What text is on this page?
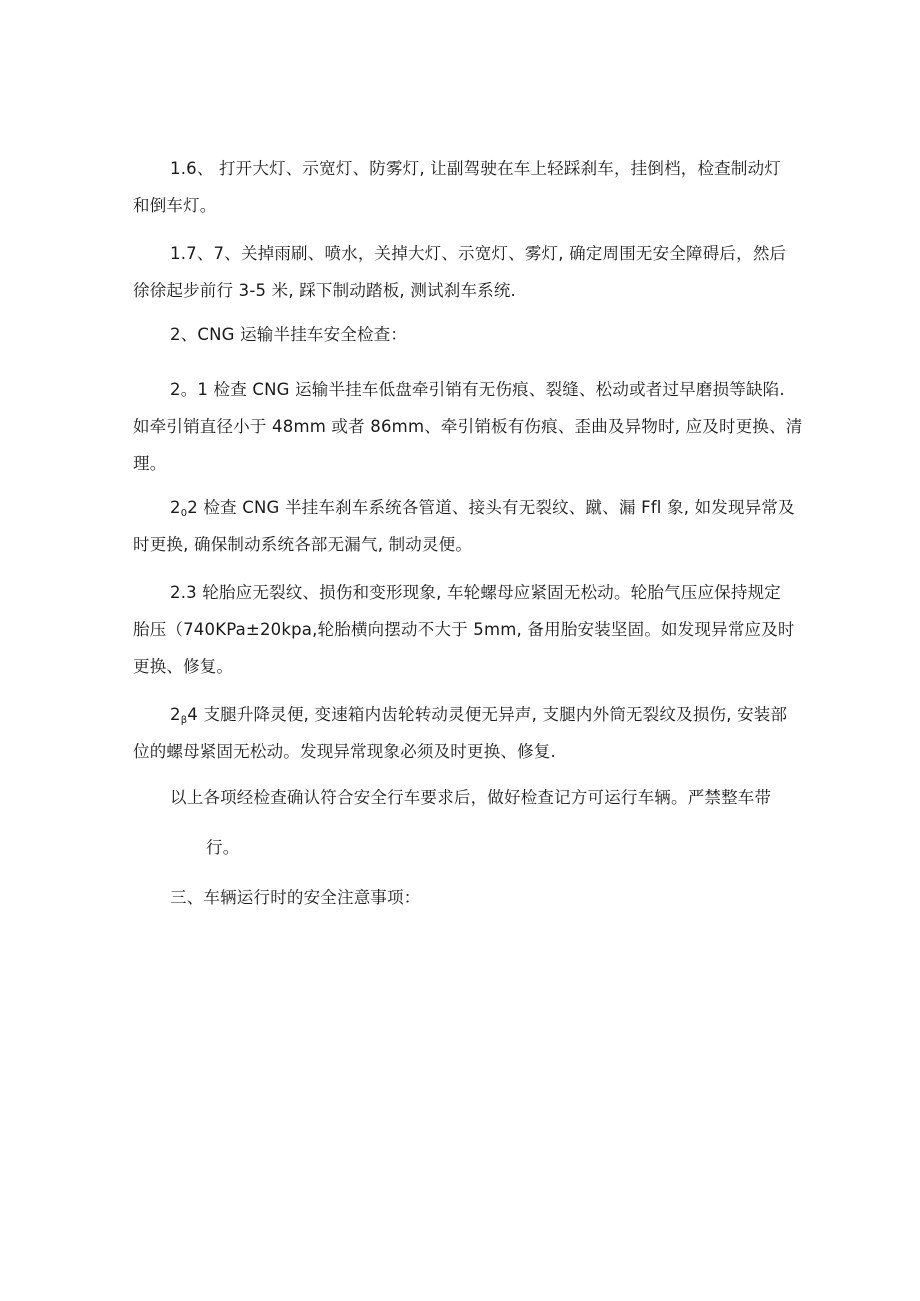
1.6、 打开大灯、示宽灯、防雾灯, 让副驾驶在车上轻踩刹车，挂倒档，检查制动灯
和倒车灯。
1.7、7、关掉雨刷、喷水，关掉大灯、示宽灯、雾灯, 确定周围无安全障碍后，然后
徐徐起步前行 3-5 米, 踩下制动踏板, 测试刹车系统.
2、CNG 运输半挂车安全检查：
2。1 检查 CNG 运输半挂车低盘牵引销有无伤痕、裂缝、松动或者过早磨损等缺陷.
如牵引销直径小于 48mm 或者 86mm、牵引销板有伤痕、歪曲及异物时, 应及时更换、清
理。
$2_02$ 检查 CNG 半挂车刹车系统各管道、接头有无裂纹、蹴、漏 Ffl 象, 如发现异常及
时更换, 确保制动系统各部无漏气, 制动灵便。
2.3 轮胎应无裂纹、损伤和变形现象, 车轮螺母应紧固无松动。轮胎气压应保持规定
胎压（740KPa±20kpa,轮胎横向摆动不大于 5mm, 备用胎安装坚固。如发现异常应及时
更换、修复。
$2_\beta 4$ 支腿升降灵便, 变速箱内齿轮转动灵便无异声, 支腿内外筒无裂纹及损伤, 安装部
位的螺母紧固无松动。发现异常现象必须及时更换、修复.
以上各项经检查确认符合安全行车要求后，做好检查记方可运行车辆。严禁整车带
行。
三、车辆运行时的安全注意事项：
